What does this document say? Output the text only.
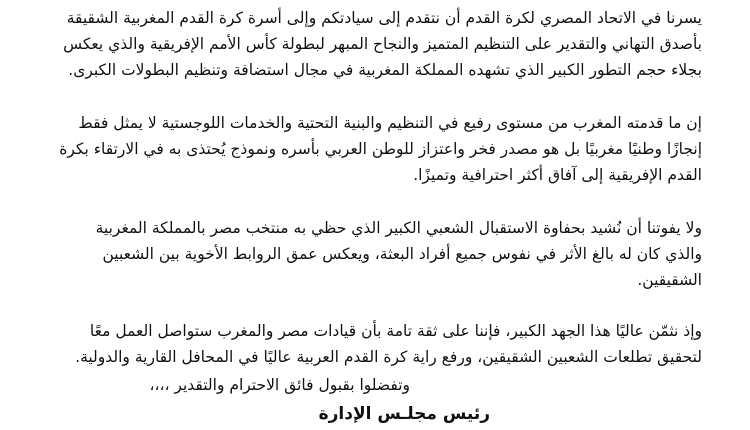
يسرنا في الاتحاد المصري لكرة القدم أن نتقدم إلى سيادتكم وإلى أسرة كرة القدم المغربية الشقيقة
بأصدق التهاني والتقدير على التنظيم المتميز والنجاح المبهر لبطولة كأس الأمم الإفريقية والذي يعكس
بجلاء حجم التطور الكبير الذي تشهده المملكة المغربية في مجال استضافة وتنظيم البطولات الكبرى.
إن ما قدمته المغرب من مستوى رفيع في التنظيم والبنية التحتية والخدمات اللوجستية لا يمثل فقط
إنجازًا وطنيًا مغربيًا بل هو مصدر فخر واعتزاز للوطن العربي بأسره ونموذج يُحتذى به في الارتقاء بكرة
القدم الإفريقية إلى آفاق أكثر احترافية وتميزًا.
ولا يفوتنا أن نُشيد بحفاوة الاستقبال الشعبي الكبير الذي حظي به منتخب مصر بالمملكة المغربية
والذي كان له بالغ الأثر في نفوس جميع أفراد البعثة، ويعكس عمق الروابط الأخوية بين الشعبين
الشقيقين.
وإذ نثمّن عاليًا هذا الجهد الكبير، فإننا على ثقة تامة بأن قيادات مصر والمغرب ستواصل العمل معًا
لتحقيق تطلعات الشعبين الشقيقين، ورفع راية كرة القدم العربية عاليًا في المحافل القارية والدولية.
وتفضلوا بقبول فائق الاحترام والتقدير ،،،،
رئيس مجلـس الإدارة
